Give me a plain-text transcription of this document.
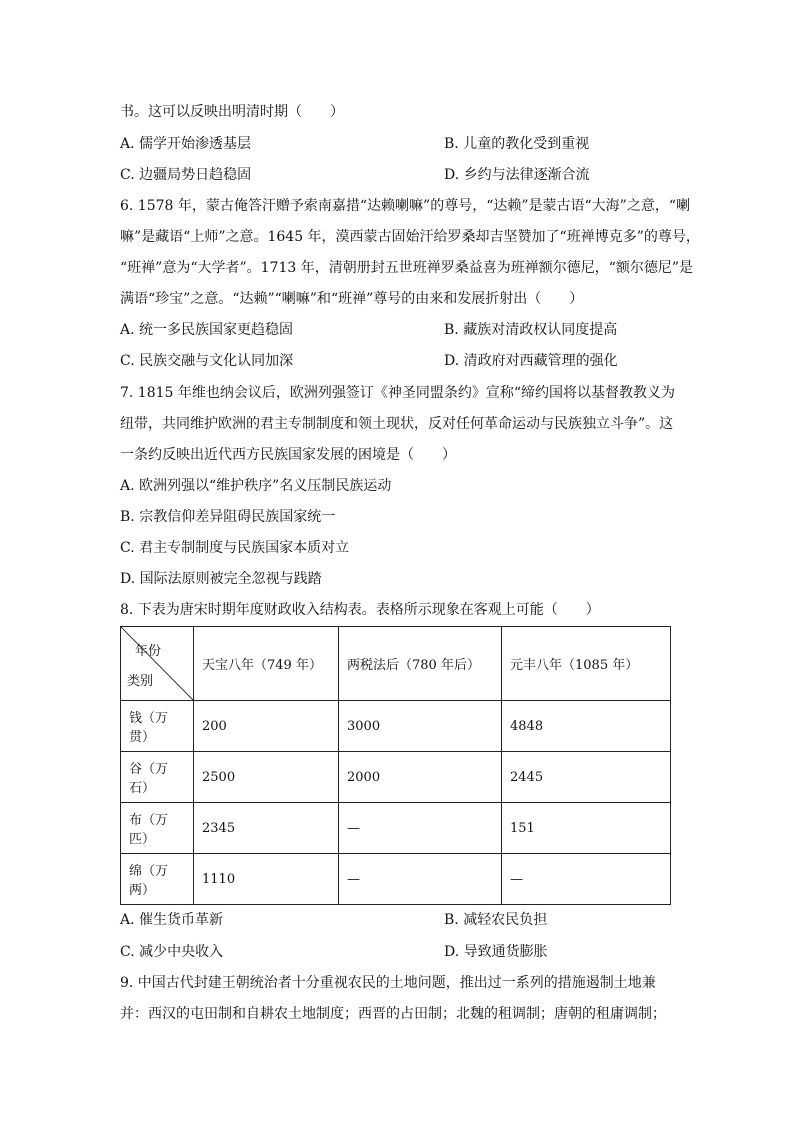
书。这可以反映出明清时期（　　）
A. 儒学开始渗透基层	B. 儿童的教化受到重视
C. 边疆局势日趋稳固	D. 乡约与法律逐渐合流
6. 1578 年，蒙古俺答汗赠予索南嘉措“达赖喇嘛”的尊号，“达赖”是蒙古语“大海”之意，“喇
嘛”是藏语“上师”之意。1645 年，漠西蒙古固始汗给罗桑却吉坚赞加了“班禅博克多”的尊号，
“班禅”意为“大学者”。1713 年，清朝册封五世班禅罗桑益喜为班禅额尔德尼，“额尔德尼”是
满语“珍宝”之意。“达赖”“喇嘛”和“班禅”尊号的由来和发展折射出（　　）
A. 统一多民族国家更趋稳固	B. 藏族对清政权认同度提高
C. 民族交融与文化认同加深	D. 清政府对西藏管理的强化
7. 1815 年维也纳会议后，欧洲列强签订《神圣同盟条约》宣称“缔约国将以基督教教义为
纽带，共同维护欧洲的君主专制制度和领土现状，反对任何革命运动与民族独立斗争”。这
一条约反映出近代西方民族国家发展的困境是（　　）
A. 欧洲列强以“维护秩序”名义压制民族运动
B. 宗教信仰差异阻碍民族国家统一
C. 君主专制制度与民族国家本质对立
D. 国际法原则被完全忽视与践踏
8. 下表为唐宋时期年度财政收入结构表。表格所示现象在客观上可能（　　）
年份
类别	天宝八年（749 年）	两税法后（780 年后）	元丰八年（1085 年）
钱（万贯）	200	3000	4848
谷（万石）	2500	2000	2445
布（万匹）	2345	—	151
绵（万两）	1110	—	—
A. 催生货币革新	B. 减轻农民负担
C. 减少中央收入	D. 导致通货膨胀
9. 中国古代封建王朝统治者十分重视农民的土地问题，推出过一系列的措施遏制土地兼
并：西汉的屯田制和自耕农土地制度；西晋的占田制；北魏的租调制；唐朝的租庸调制；
